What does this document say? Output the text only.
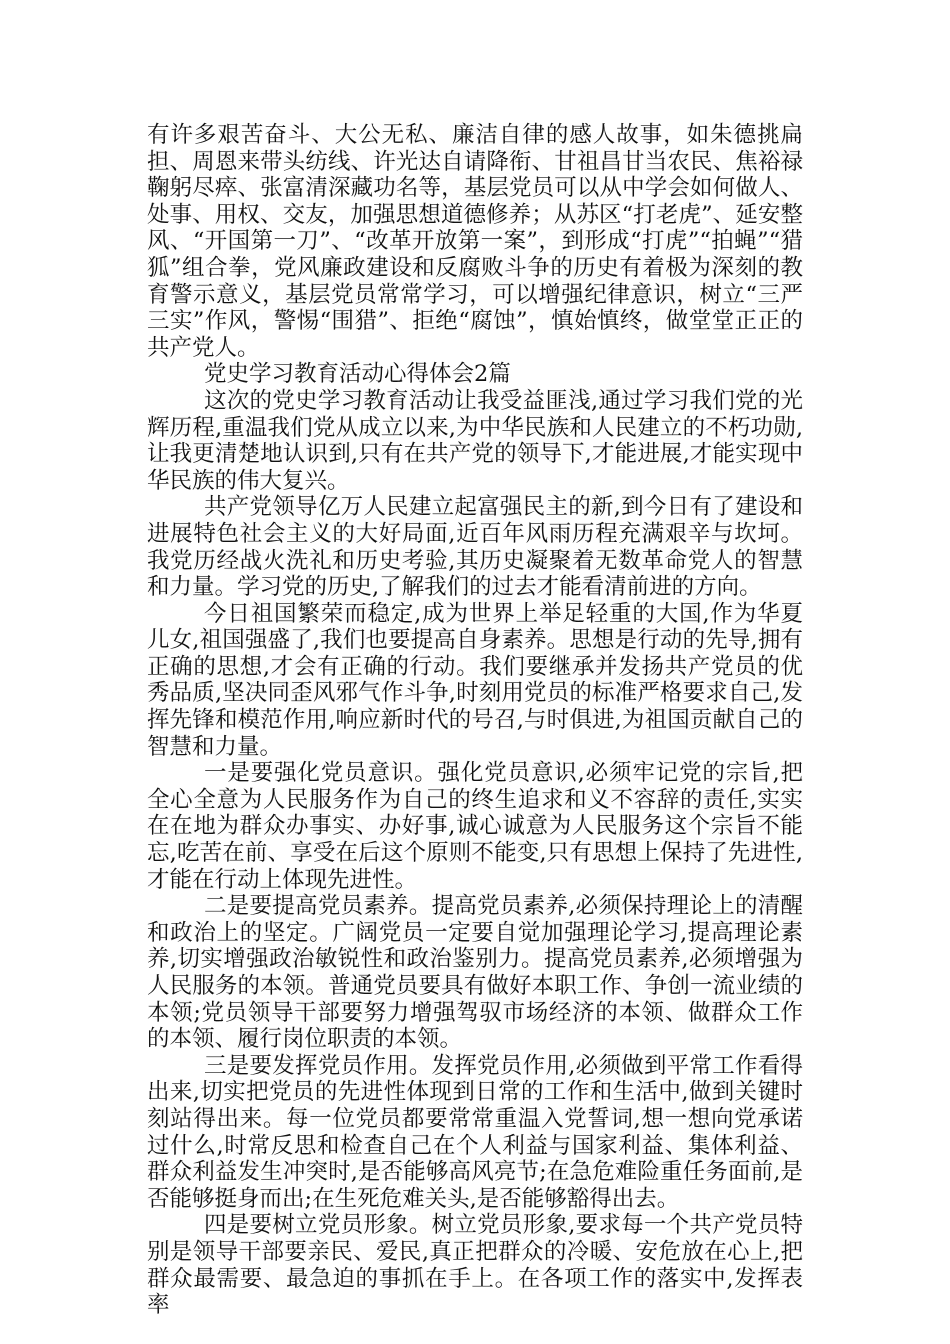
有许多艰苦奋斗、大公无私、廉洁自律的感人故事，如朱德挑扁担、周恩来带头纺线、许光达自请降衔、甘祖昌甘当农民、焦裕禄鞠躬尽瘁、张富清深藏功名等，基层党员可以从中学会如何做人、处事、用权、交友，加强思想道德修养；从苏区“打老虎”、延安整风、“开国第一刀”、“改革开放第一案”，到形成“打虎”“拍蝇”“猎狐”组合拳，党风廉政建设和反腐败斗争的历史有着极为深刻的教育警示意义，基层党员常常学习，可以增强纪律意识，树立“三严三实”作风，警惕“围猎”、拒绝“腐蚀”，慎始慎终，做堂堂正正的共产党人。

党史学习教育活动心得体会2篇

这次的党史学习教育活动让我受益匪浅,通过学习我们党的光辉历程,重温我们党从成立以来,为中华民族和人民建立的不朽功勋,让我更清楚地认识到,只有在共产党的领导下,才能进展,才能实现中华民族的伟大复兴。

共产党领导亿万人民建立起富强民主的新,到今日有了建设和进展特色社会主义的大好局面,近百年风雨历程充满艰辛与坎坷。我党历经战火洗礼和历史考验,其历史凝聚着无数革命党人的智慧和力量。学习党的历史,了解我们的过去才能看清前进的方向。

今日祖国繁荣而稳定,成为世界上举足轻重的大国,作为华夏儿女,祖国强盛了,我们也要提高自身素养。思想是行动的先导,拥有正确的思想,才会有正确的行动。我们要继承并发扬共产党员的优秀品质,坚决同歪风邪气作斗争,时刻用党员的标准严格要求自己,发挥先锋和模范作用,响应新时代的号召,与时俱进,为祖国贡献自己的智慧和力量。

一是要强化党员意识。强化党员意识,必须牢记党的宗旨,把全心全意为人民服务作为自己的终生追求和义不容辞的责任,实实在在地为群众办事实、办好事,诚心诚意为人民服务这个宗旨不能忘,吃苦在前、享受在后这个原则不能变,只有思想上保持了先进性,才能在行动上体现先进性。

二是要提高党员素养。提高党员素养,必须保持理论上的清醒和政治上的坚定。广阔党员一定要自觉加强理论学习,提高理论素养,切实增强政治敏锐性和政治鉴别力。提高党员素养,必须增强为人民服务的本领。普通党员要具有做好本职工作、争创一流业绩的本领;党员领导干部要努力增强驾驭市场经济的本领、做群众工作的本领、履行岗位职责的本领。

三是要发挥党员作用。发挥党员作用,必须做到平常工作看得出来,切实把党员的先进性体现到日常的工作和生活中,做到关键时刻站得出来。每一位党员都要常常重温入党誓词,想一想向党承诺过什么,时常反思和检查自己在个人利益与国家利益、集体利益、群众利益发生冲突时,是否能够高风亮节;在急危难险重任务面前,是否能够挺身而出;在生死危难关头,是否能够豁得出去。

四是要树立党员形象。树立党员形象,要求每一个共产党员特别是领导干部要亲民、爱民,真正把群众的冷暖、安危放在心上,把群众最需要、最急迫的事抓在手上。在各项工作的落实中,发挥表率
